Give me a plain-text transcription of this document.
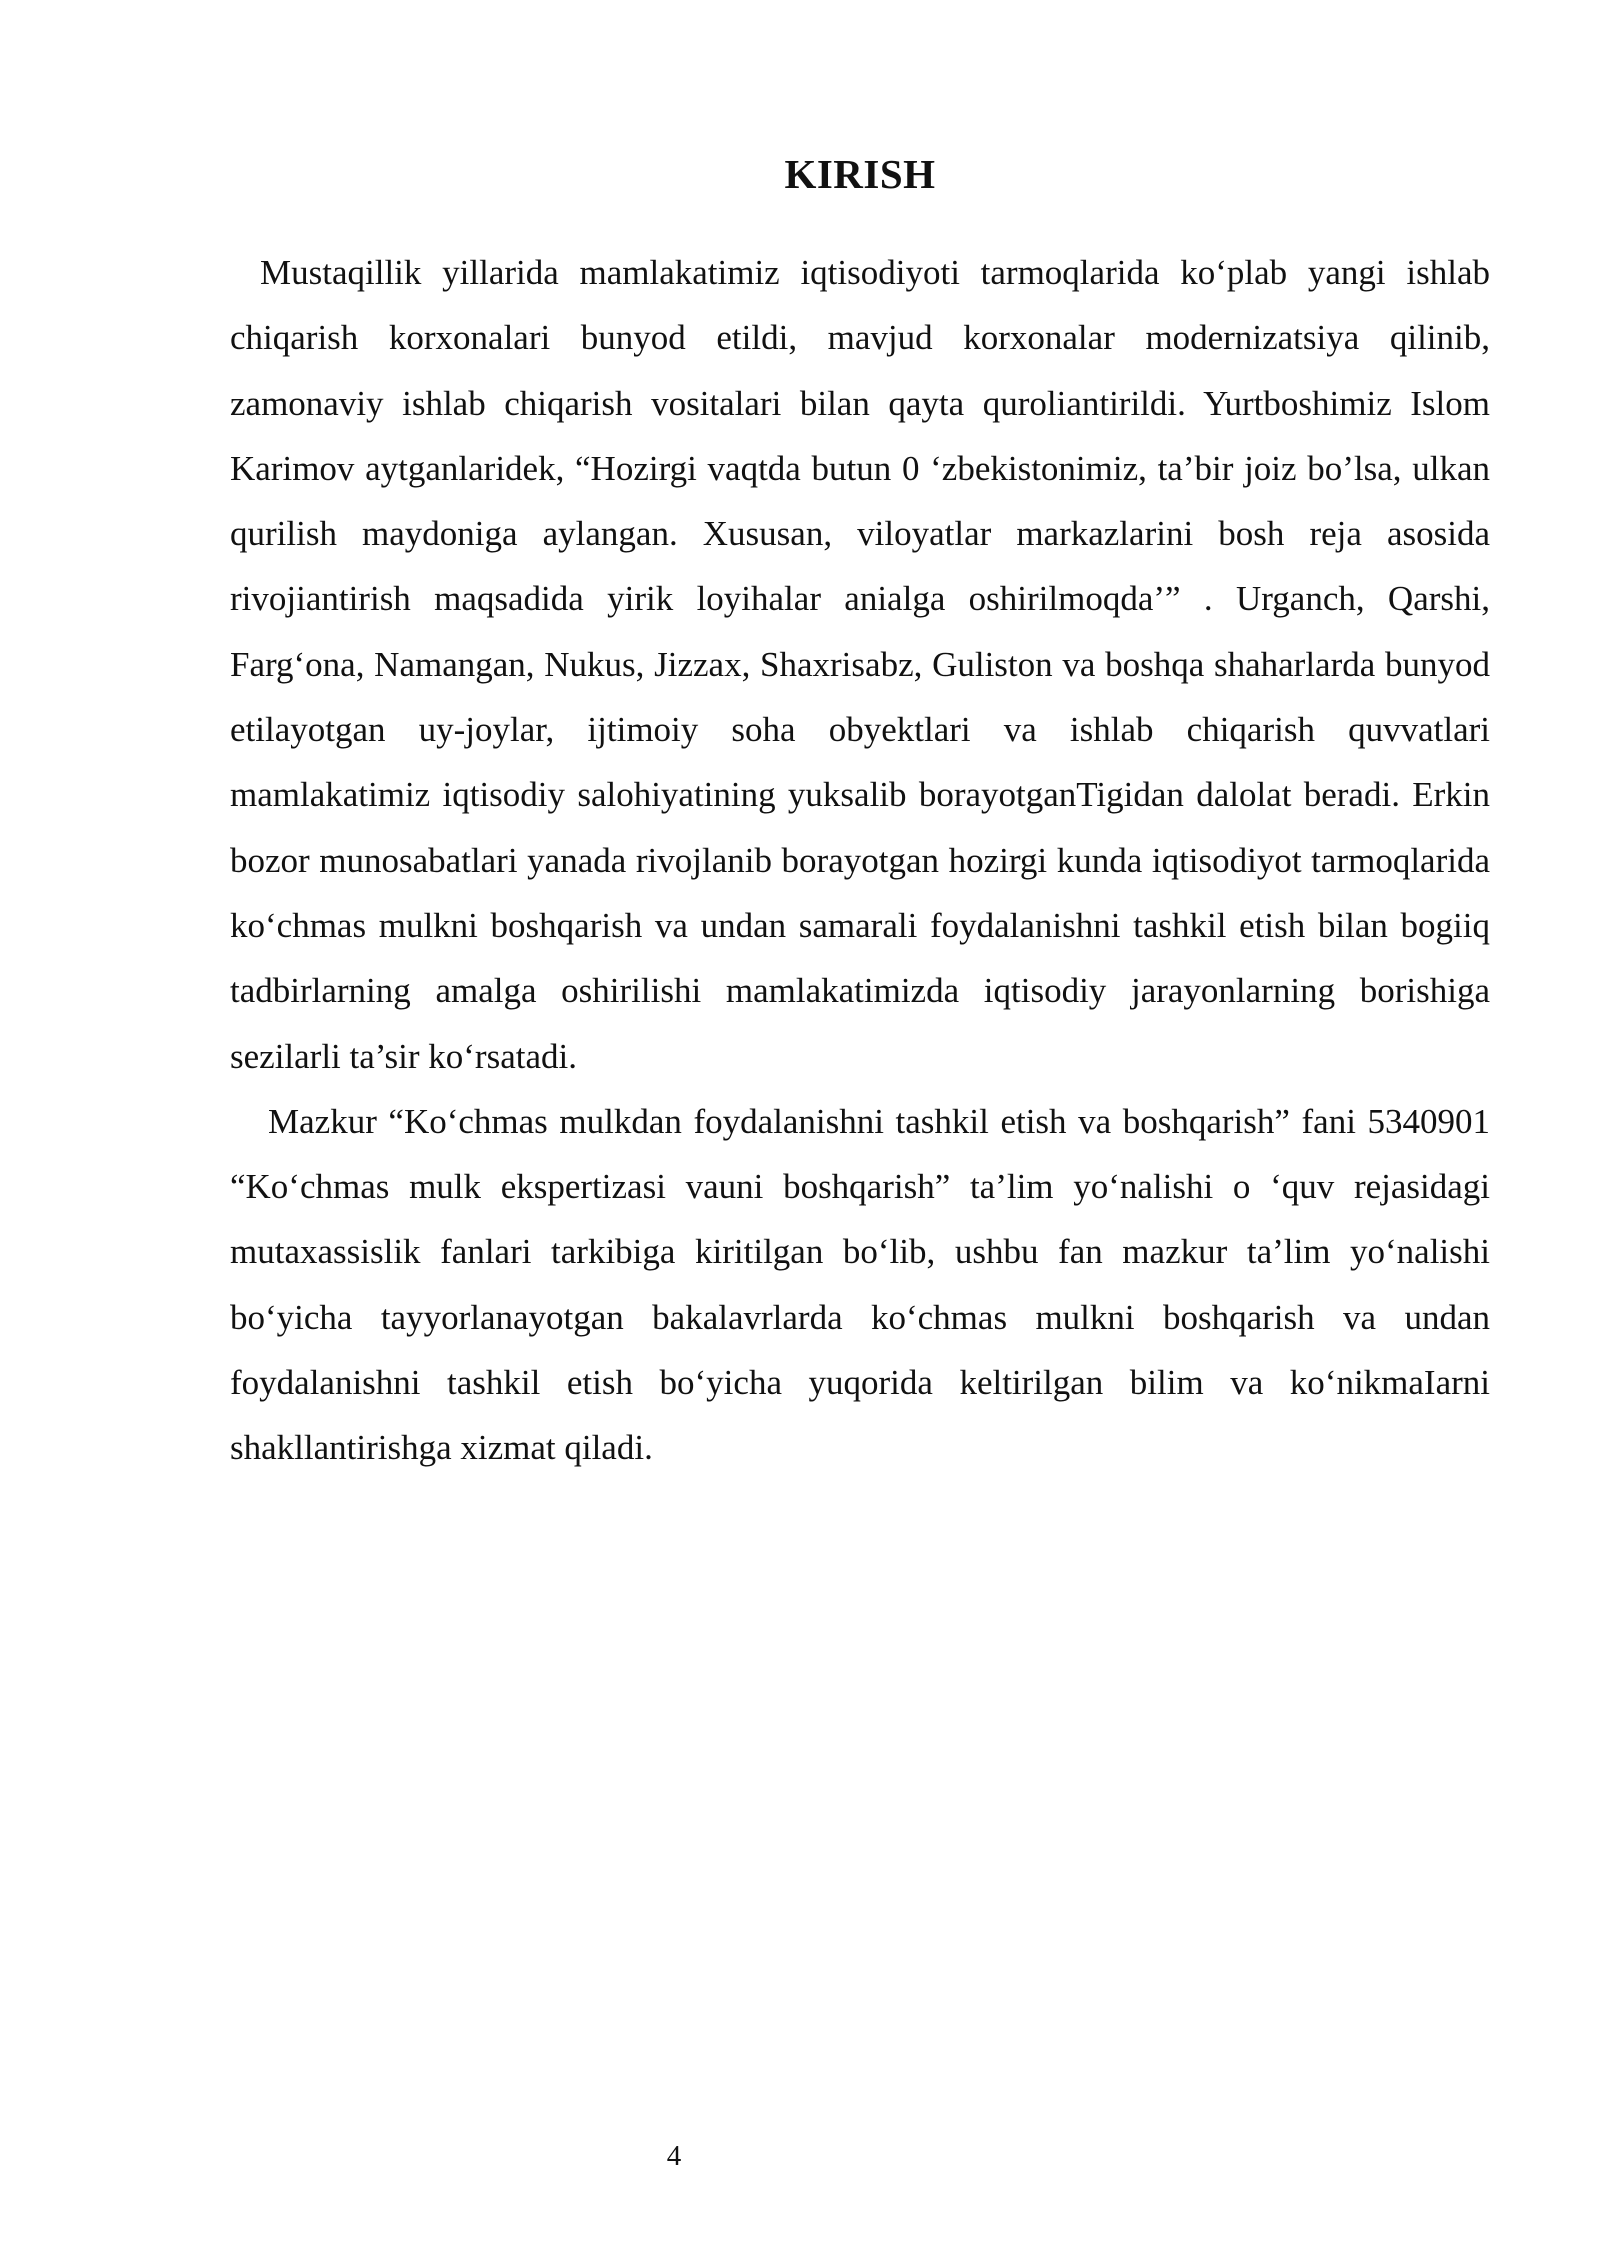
KIRISH

Mustaqillik yillarida mamlakatimiz iqtisodiyoti tarmoqlarida ko‘plab yangi ishlab chiqarish korxonalari bunyod etildi, mavjud korxonalar modernizatsiya qilinib, zamonaviy ishlab chiqarish vositalari bilan qayta quroliantirildi. Yurtboshimiz Islom Karimov aytganlaridek, “Hozirgi vaqtda butun 0 ‘zbekistonimiz, ta’bir joiz bo’lsa, ulkan qurilish maydoniga aylangan. Xususan, viloyatlar markazlarini bosh reja asosida rivojiantirish maqsadida yirik loyihalar anialga oshirilmoqda’” . Urganch, Qarshi, Farg‘ona, Namangan, Nukus, Jizzax, Shaxrisabz, Guliston va boshqa shaharlarda bunyod etilayotgan uy-joylar, ijtimoiy soha obyektlari va ishlab chiqarish quvvatlari mamlakatimiz iqtisodiy salohiyatining yuksalib borayotganTigidan dalolat beradi. Erkin bozor munosabatlari yanada rivojlanib borayotgan hozirgi kunda iqtisodiyot tarmoqlarida ko‘chmas mulkni boshqarish va undan samarali foydalanishni tashkil etish bilan bogiiq tadbirlarning amalga oshirilishi mamlakatimizda iqtisodiy jarayonlarning borishiga sezilarli ta’sir ko‘rsatadi.

Mazkur “Ko‘chmas mulkdan foydalanishni tashkil etish va boshqarish” fani 5340901 “Ko‘chmas mulk ekspertizasi vauni boshqarish” ta’lim yo‘nalishi o ‘quv rejasidagi mutaxassislik fanlari tarkibiga kiritilgan bo‘lib, ushbu fan mazkur ta’lim yo‘nalishi bo‘yicha tayyorlanayotgan bakalavrlarda ko‘chmas mulkni boshqarish va undan foydalanishni tashkil etish bo‘yicha yuqorida keltirilgan bilim va ko‘nikmaIarni shakllantirishga xizmat qiladi.

4
